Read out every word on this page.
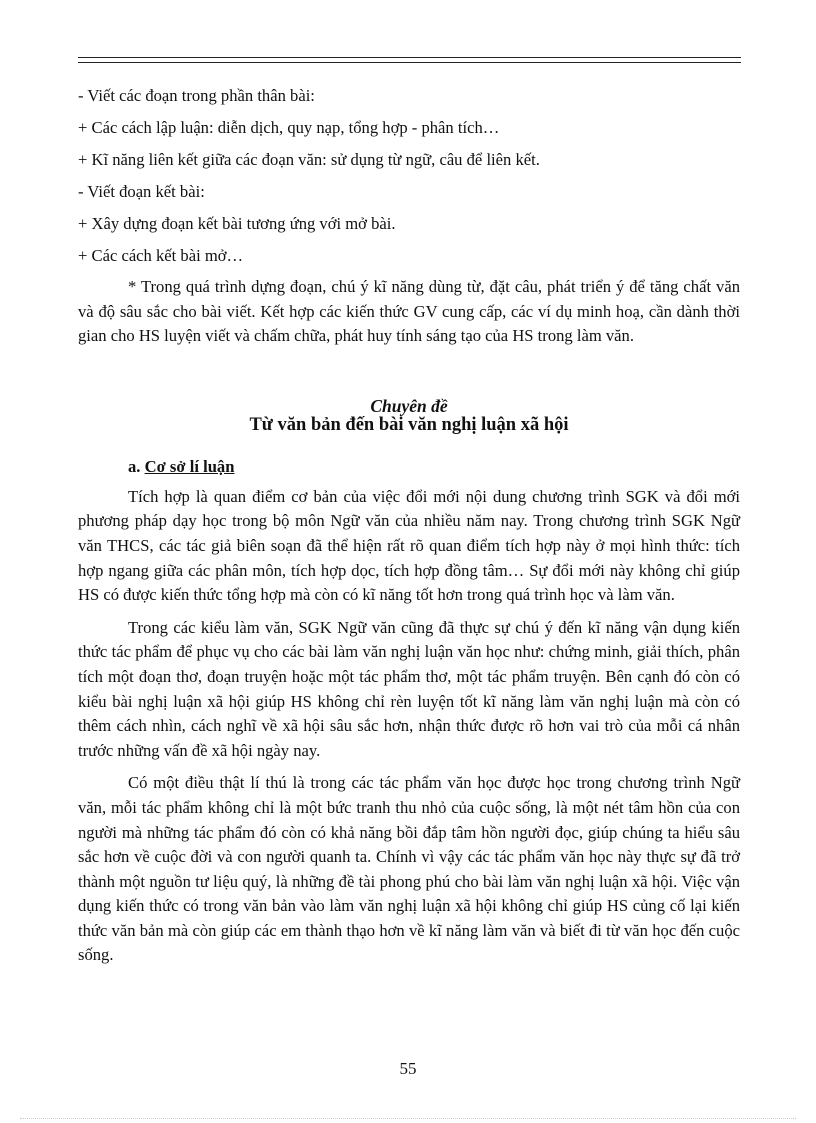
- Viết các đoạn trong phần thân bài:

+ Các cách lập luận: diễn dịch, quy nạp, tổng hợp - phân tích…

+ Kĩ năng liên kết giữa các đoạn văn: sử dụng từ ngữ, câu để liên kết.

- Viết đoạn kết bài:

+ Xây dựng đoạn kết bài tương ứng với mở bài.

+ Các cách kết bài mở…

* Trong quá trình dựng đoạn, chú ý kĩ năng dùng từ, đặt câu, phát triển ý để tăng chất văn và độ sâu sắc cho bài viết. Kết hợp các kiến thức GV cung cấp, các ví dụ minh hoạ, cần dành thời gian cho HS luyện viết và chấm chữa, phát huy tính sáng tạo của HS trong làm văn.

Chuyên đề
Từ văn bản đến bài văn nghị luận xã hội
a. Cơ sở lí luận

Tích hợp là quan điểm cơ bản của việc đổi mới nội dung chương trình SGK và đổi mới phương pháp dạy học trong bộ môn Ngữ văn của nhiều năm nay. Trong chương trình SGK Ngữ văn THCS, các tác giả biên soạn đã thể hiện rất rõ quan điểm tích hợp này ở mọi hình thức: tích hợp ngang giữa các phân môn, tích hợp dọc, tích hợp đồng tâm… Sự đổi mới này không chỉ giúp HS có được kiến thức tổng hợp mà còn có kĩ năng tốt hơn trong quá trình học và làm văn.

Trong các kiểu làm văn, SGK Ngữ văn cũng đã thực sự chú ý đến kĩ năng vận dụng kiến thức tác phẩm để phục vụ cho các bài làm văn nghị luận văn học như: chứng minh, giải thích, phân tích một đoạn thơ, đoạn truyện hoặc một tác phẩm thơ, một tác phẩm truyện. Bên cạnh đó còn có kiểu bài nghị luận xã hội giúp HS không chỉ rèn luyện tốt kĩ năng làm văn nghị luận mà còn có thêm cách nhìn, cách nghĩ về xã hội sâu sắc hơn, nhận thức được rõ hơn vai trò của mỗi cá nhân trước những vấn đề xã hội ngày nay.

Có một điều thật lí thú là trong các tác phẩm văn học được học trong chương trình Ngữ văn, mỗi tác phẩm không chỉ là một bức tranh thu nhỏ của cuộc sống, là một nét tâm hồn của con người mà những tác phẩm đó còn có khả năng bồi đắp tâm hồn người đọc, giúp chúng ta hiểu sâu sắc hơn về cuộc đời và con người quanh ta. Chính vì vậy các tác phẩm văn học này thực sự đã trở thành một nguồn tư liệu quý, là những đề tài phong phú cho bài làm văn nghị luận xã hội. Việc vận dụng kiến thức có trong văn bản vào làm văn nghị luận xã hội không chỉ giúp HS củng cố lại kiến thức văn bản mà còn giúp các em thành thạo hơn về kĩ năng làm văn và biết đi từ văn học đến cuộc sống.

55
